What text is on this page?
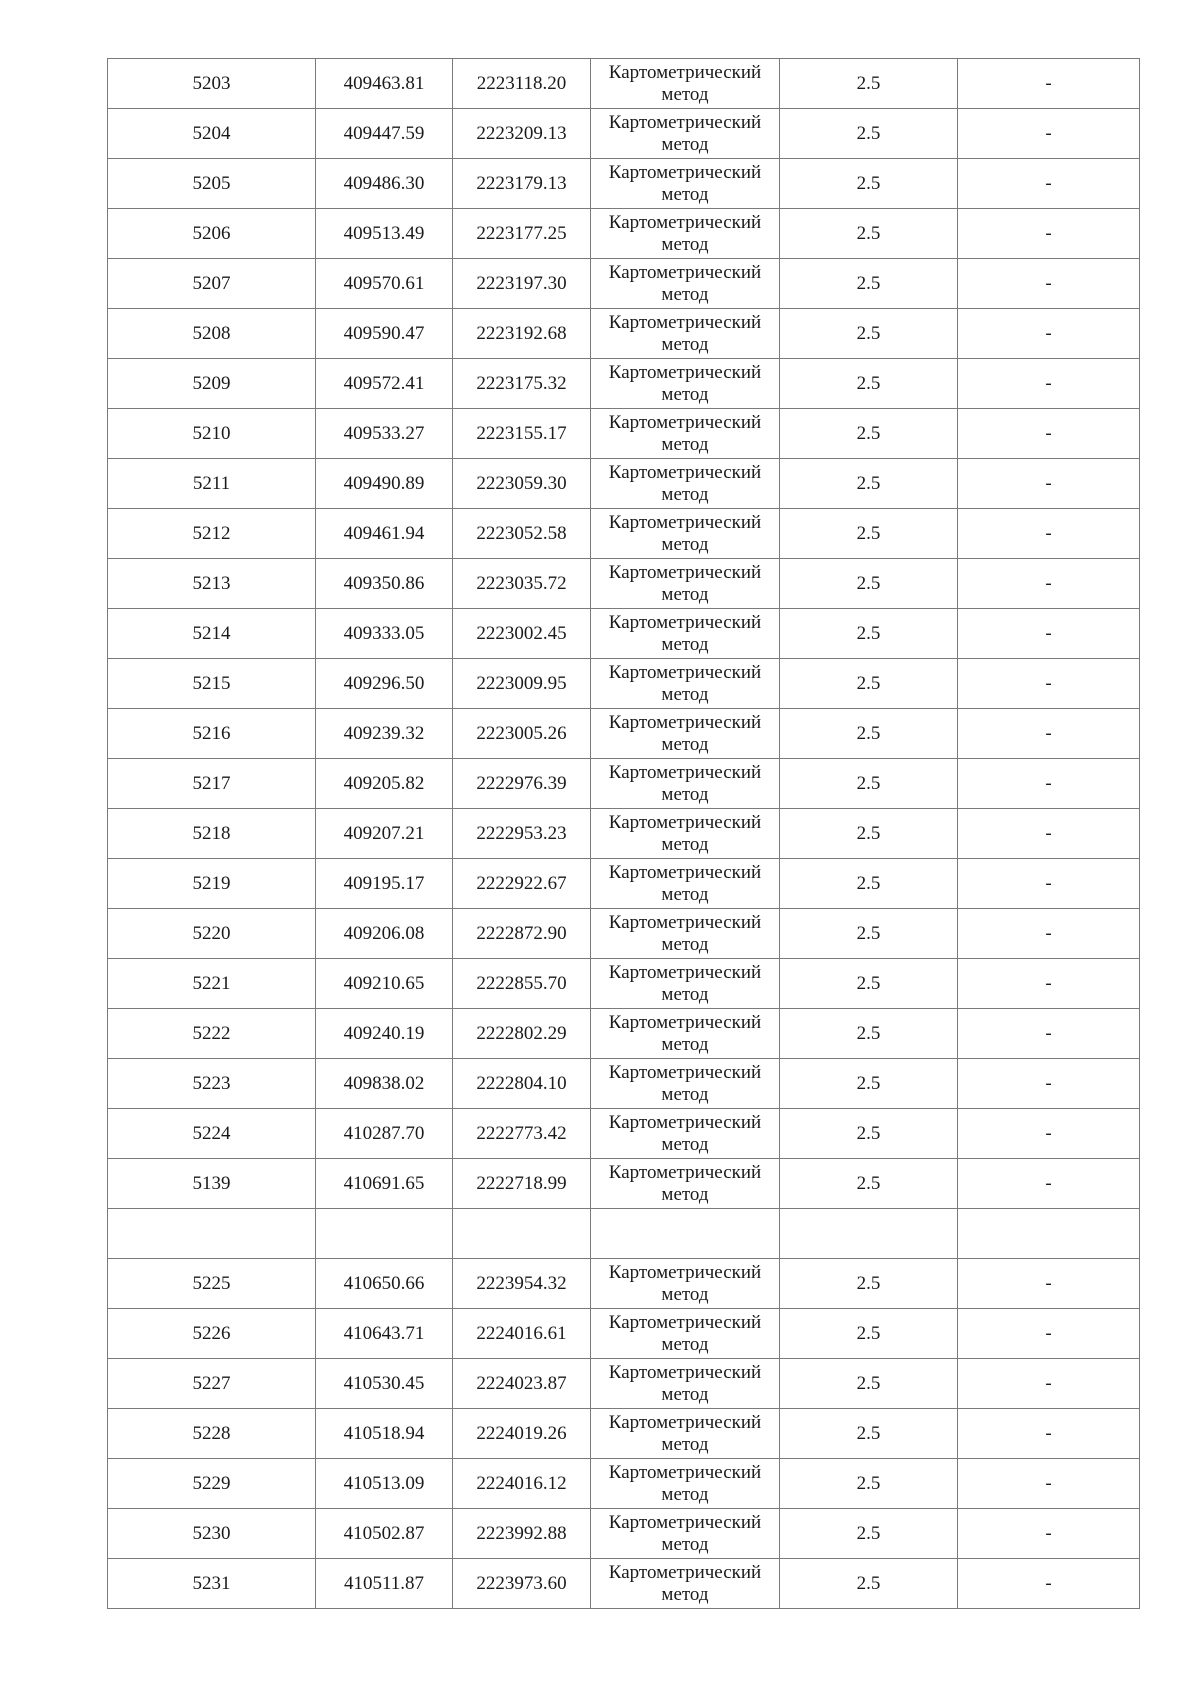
5203	409463.81	2223118.20	Картометрический метод	2.5	-
5204	409447.59	2223209.13	Картометрический метод	2.5	-
5205	409486.30	2223179.13	Картометрический метод	2.5	-
5206	409513.49	2223177.25	Картометрический метод	2.5	-
5207	409570.61	2223197.30	Картометрический метод	2.5	-
5208	409590.47	2223192.68	Картометрический метод	2.5	-
5209	409572.41	2223175.32	Картометрический метод	2.5	-
5210	409533.27	2223155.17	Картометрический метод	2.5	-
5211	409490.89	2223059.30	Картометрический метод	2.5	-
5212	409461.94	2223052.58	Картометрический метод	2.5	-
5213	409350.86	2223035.72	Картометрический метод	2.5	-
5214	409333.05	2223002.45	Картометрический метод	2.5	-
5215	409296.50	2223009.95	Картометрический метод	2.5	-
5216	409239.32	2223005.26	Картометрический метод	2.5	-
5217	409205.82	2222976.39	Картометрический метод	2.5	-
5218	409207.21	2222953.23	Картометрический метод	2.5	-
5219	409195.17	2222922.67	Картометрический метод	2.5	-
5220	409206.08	2222872.90	Картометрический метод	2.5	-
5221	409210.65	2222855.70	Картометрический метод	2.5	-
5222	409240.19	2222802.29	Картометрический метод	2.5	-
5223	409838.02	2222804.10	Картометрический метод	2.5	-
5224	410287.70	2222773.42	Картометрический метод	2.5	-
5139	410691.65	2222718.99	Картометрический метод	2.5	-

5225	410650.66	2223954.32	Картометрический метод	2.5	-
5226	410643.71	2224016.61	Картометрический метод	2.5	-
5227	410530.45	2224023.87	Картометрический метод	2.5	-
5228	410518.94	2224019.26	Картометрический метод	2.5	-
5229	410513.09	2224016.12	Картометрический метод	2.5	-
5230	410502.87	2223992.88	Картометрический метод	2.5	-
5231	410511.87	2223973.60	Картометрический метод	2.5	-
